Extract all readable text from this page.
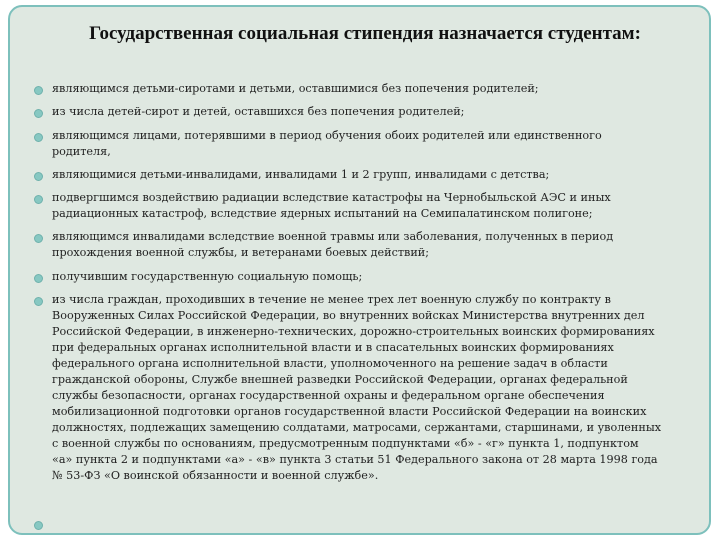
Государственная социальная стипендия назначается студентам:
являющимся детьми-сиротами и детьми, оставшимися без попечения родителей;
из числа детей-сирот и детей, оставшихся без попечения родителей;
являющимся лицами, потерявшими в период обучения обоих родителей или единственного родителя,
являющимися детьми-инвалидами, инвалидами 1 и 2 групп, инвалидами с детства;
подвергшимся воздействию радиации вследствие катастрофы на Чернобыльской АЭС и иных радиационных катастроф, вследствие ядерных испытаний на Семипалатинском полигоне;
являющимся инвалидами вследствие военной травмы или заболевания, полученных в период прохождения военной службы, и ветеранами боевых действий;
получившим государственную социальную помощь;
из числа граждан, проходивших в течение не менее трех лет военную службу по контракту в Вооруженных Силах Российской Федерации, во внутренних войсках Министерства внутренних дел Российской Федерации, в инженерно-технических, дорожно-строительных воинских формированиях при федеральных органах исполнительной власти и в спасательных воинских формированиях федерального органа исполнительной власти, уполномоченного на решение задач в области гражданской обороны, Службе внешней разведки Российской Федерации, органах федеральной службы безопасности, органах государственной охраны и федеральном органе обеспечения мобилизационной подготовки органов государственной власти Российской Федерации на воинских должностях, подлежащих замещению солдатами, матросами, сержантами, старшинами, и уволенных с военной службы по основаниям, предусмотренным подпунктами «б» - «г» пункта 1, подпунктом «а» пункта 2 и подпунктами «а» - «в» пункта 3 статьи 51 Федерального закона от 28 марта 1998 года № 53-ФЗ «О воинской обязанности и военной службе».
